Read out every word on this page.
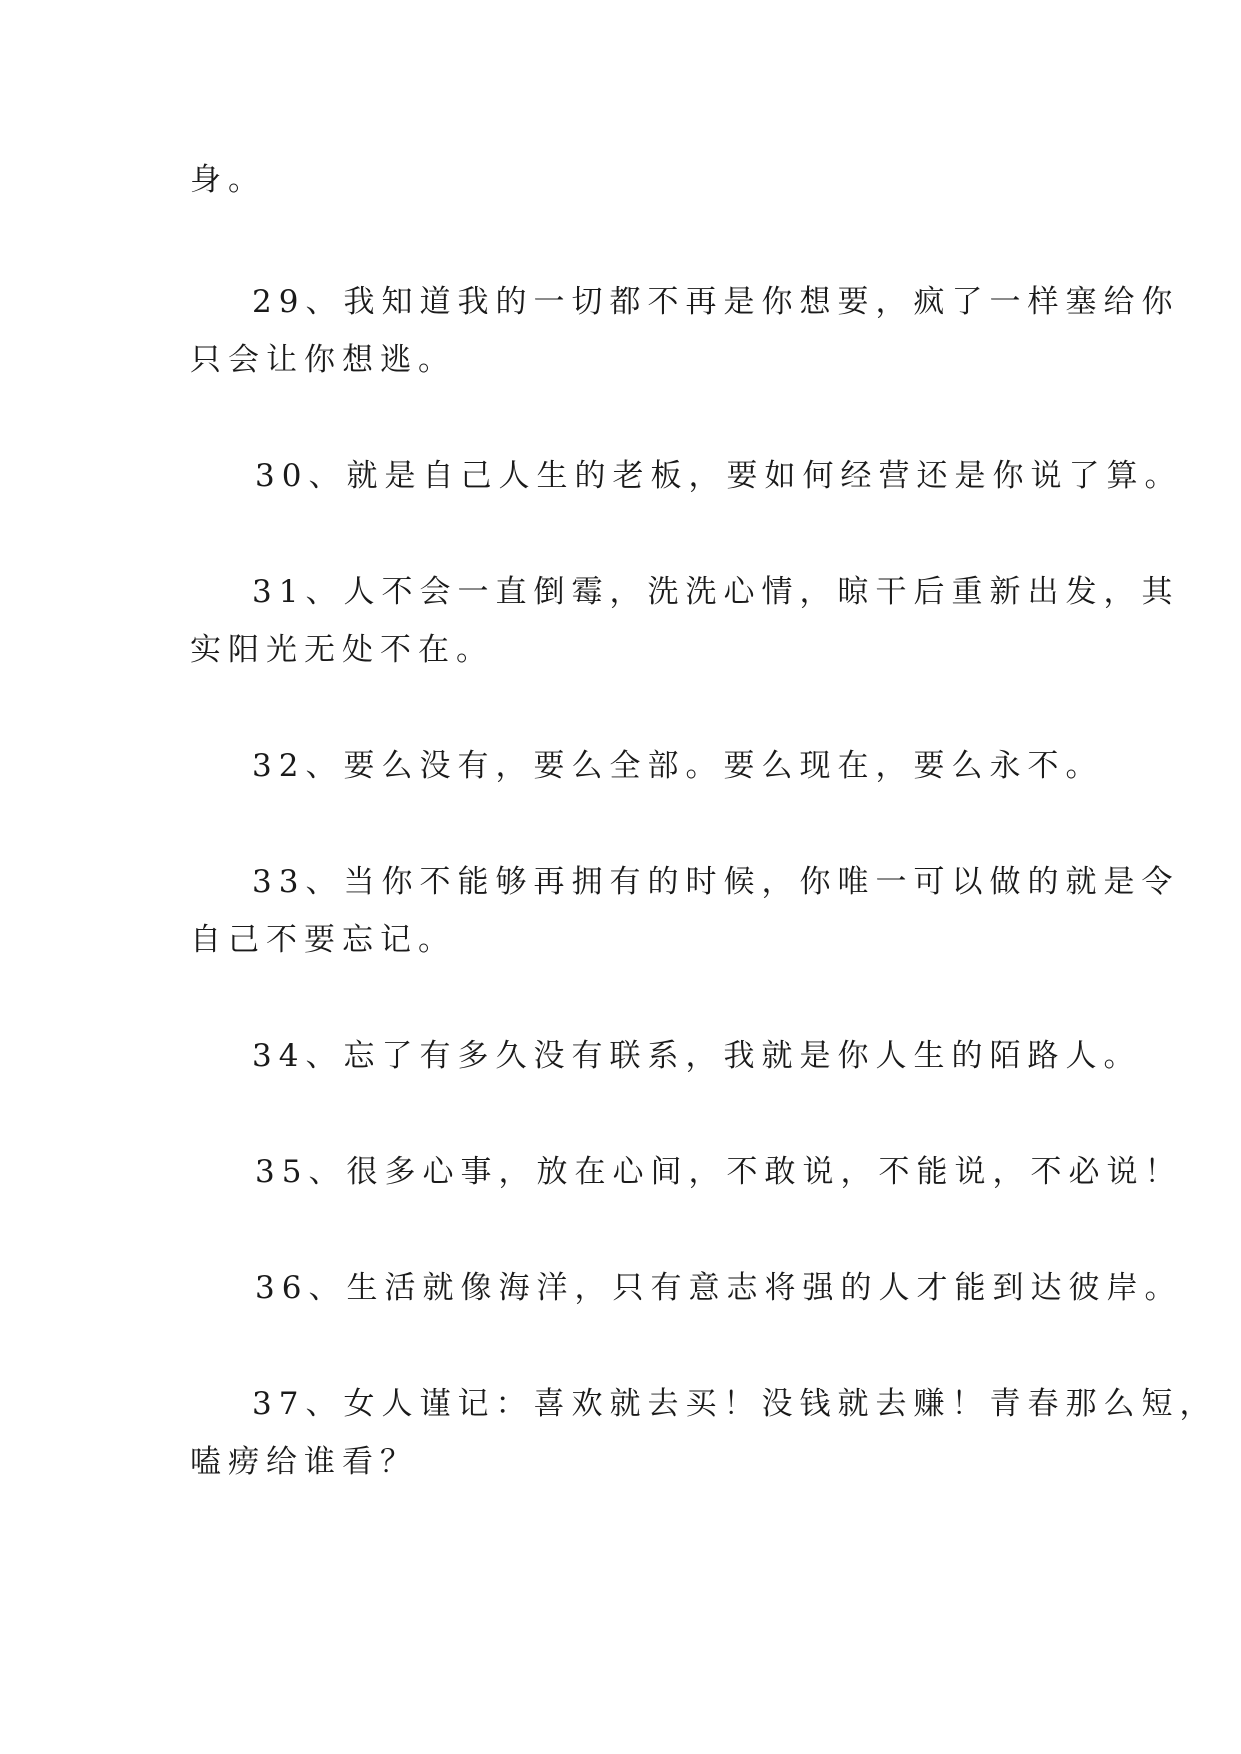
身。
29、我知道我的一切都不再是你想要，疯了一样塞给你
只会让你想逃。
30、就是自己人生的老板，要如何经营还是你说了算。
31、人不会一直倒霉，洗洗心情，晾干后重新出发，其
实阳光无处不在。
32、要么没有，要么全部。要么现在，要么永不。
33、当你不能够再拥有的时候，你唯一可以做的就是令
自己不要忘记。
34、忘了有多久没有联系，我就是你人生的陌路人。
35、很多心事，放在心间，不敢说，不能说，不必说！
36、生活就像海洋，只有意志将强的人才能到达彼岸。
37、女人谨记：喜欢就去买！没钱就去赚！青春那么短，
嗑痨给谁看？
